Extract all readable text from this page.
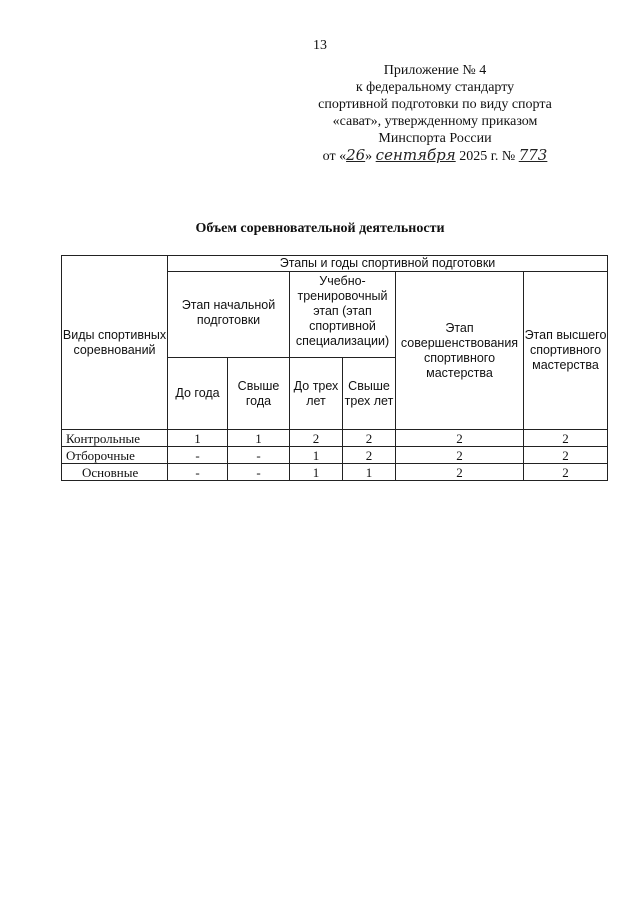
13
Приложение № 4
к федеральному стандарту
спортивной подготовки по виду спорта
«сават», утвержденному приказом
Минспорта России
от «26» сентября 2025 г. № 773
Объем соревновательной деятельности
Виды спортивных соревнований	Этапы и годы спортивной подготовки					
	Этап начальной подготовки		Учебно-тренировочный этап (этап спортивной специализации)		Этап совершенствования спортивного мастерства	Этап высшего спортивного мастерства
	До года	Свыше года	До трех лет	Свыше трех лет		
Контрольные	1	1	2	2	2	2
Отборочные	-	-	1	2	2	2
Основные	-	-	1	1	2	2
